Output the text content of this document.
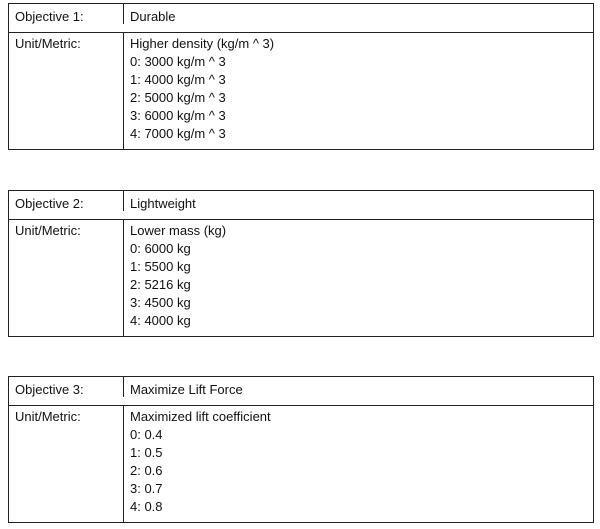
Objective 1:	Durable
Unit/Metric:	Higher density (kg/m ^ 3)
0: 3000 kg/m ^ 3
1: 4000 kg/m ^ 3
2: 5000 kg/m ^ 3
3: 6000 kg/m ^ 3
4: 7000 kg/m ^ 3
Objective 2:	Lightweight
Unit/Metric:	Lower mass (kg)
0: 6000 kg
1: 5500 kg
2: 5216 kg
3: 4500 kg
4: 4000 kg
Objective 3:	Maximize Lift Force
Unit/Metric:	Maximized lift coefficient
0: 0.4
1: 0.5
2: 0.6
3: 0.7
4: 0.8
